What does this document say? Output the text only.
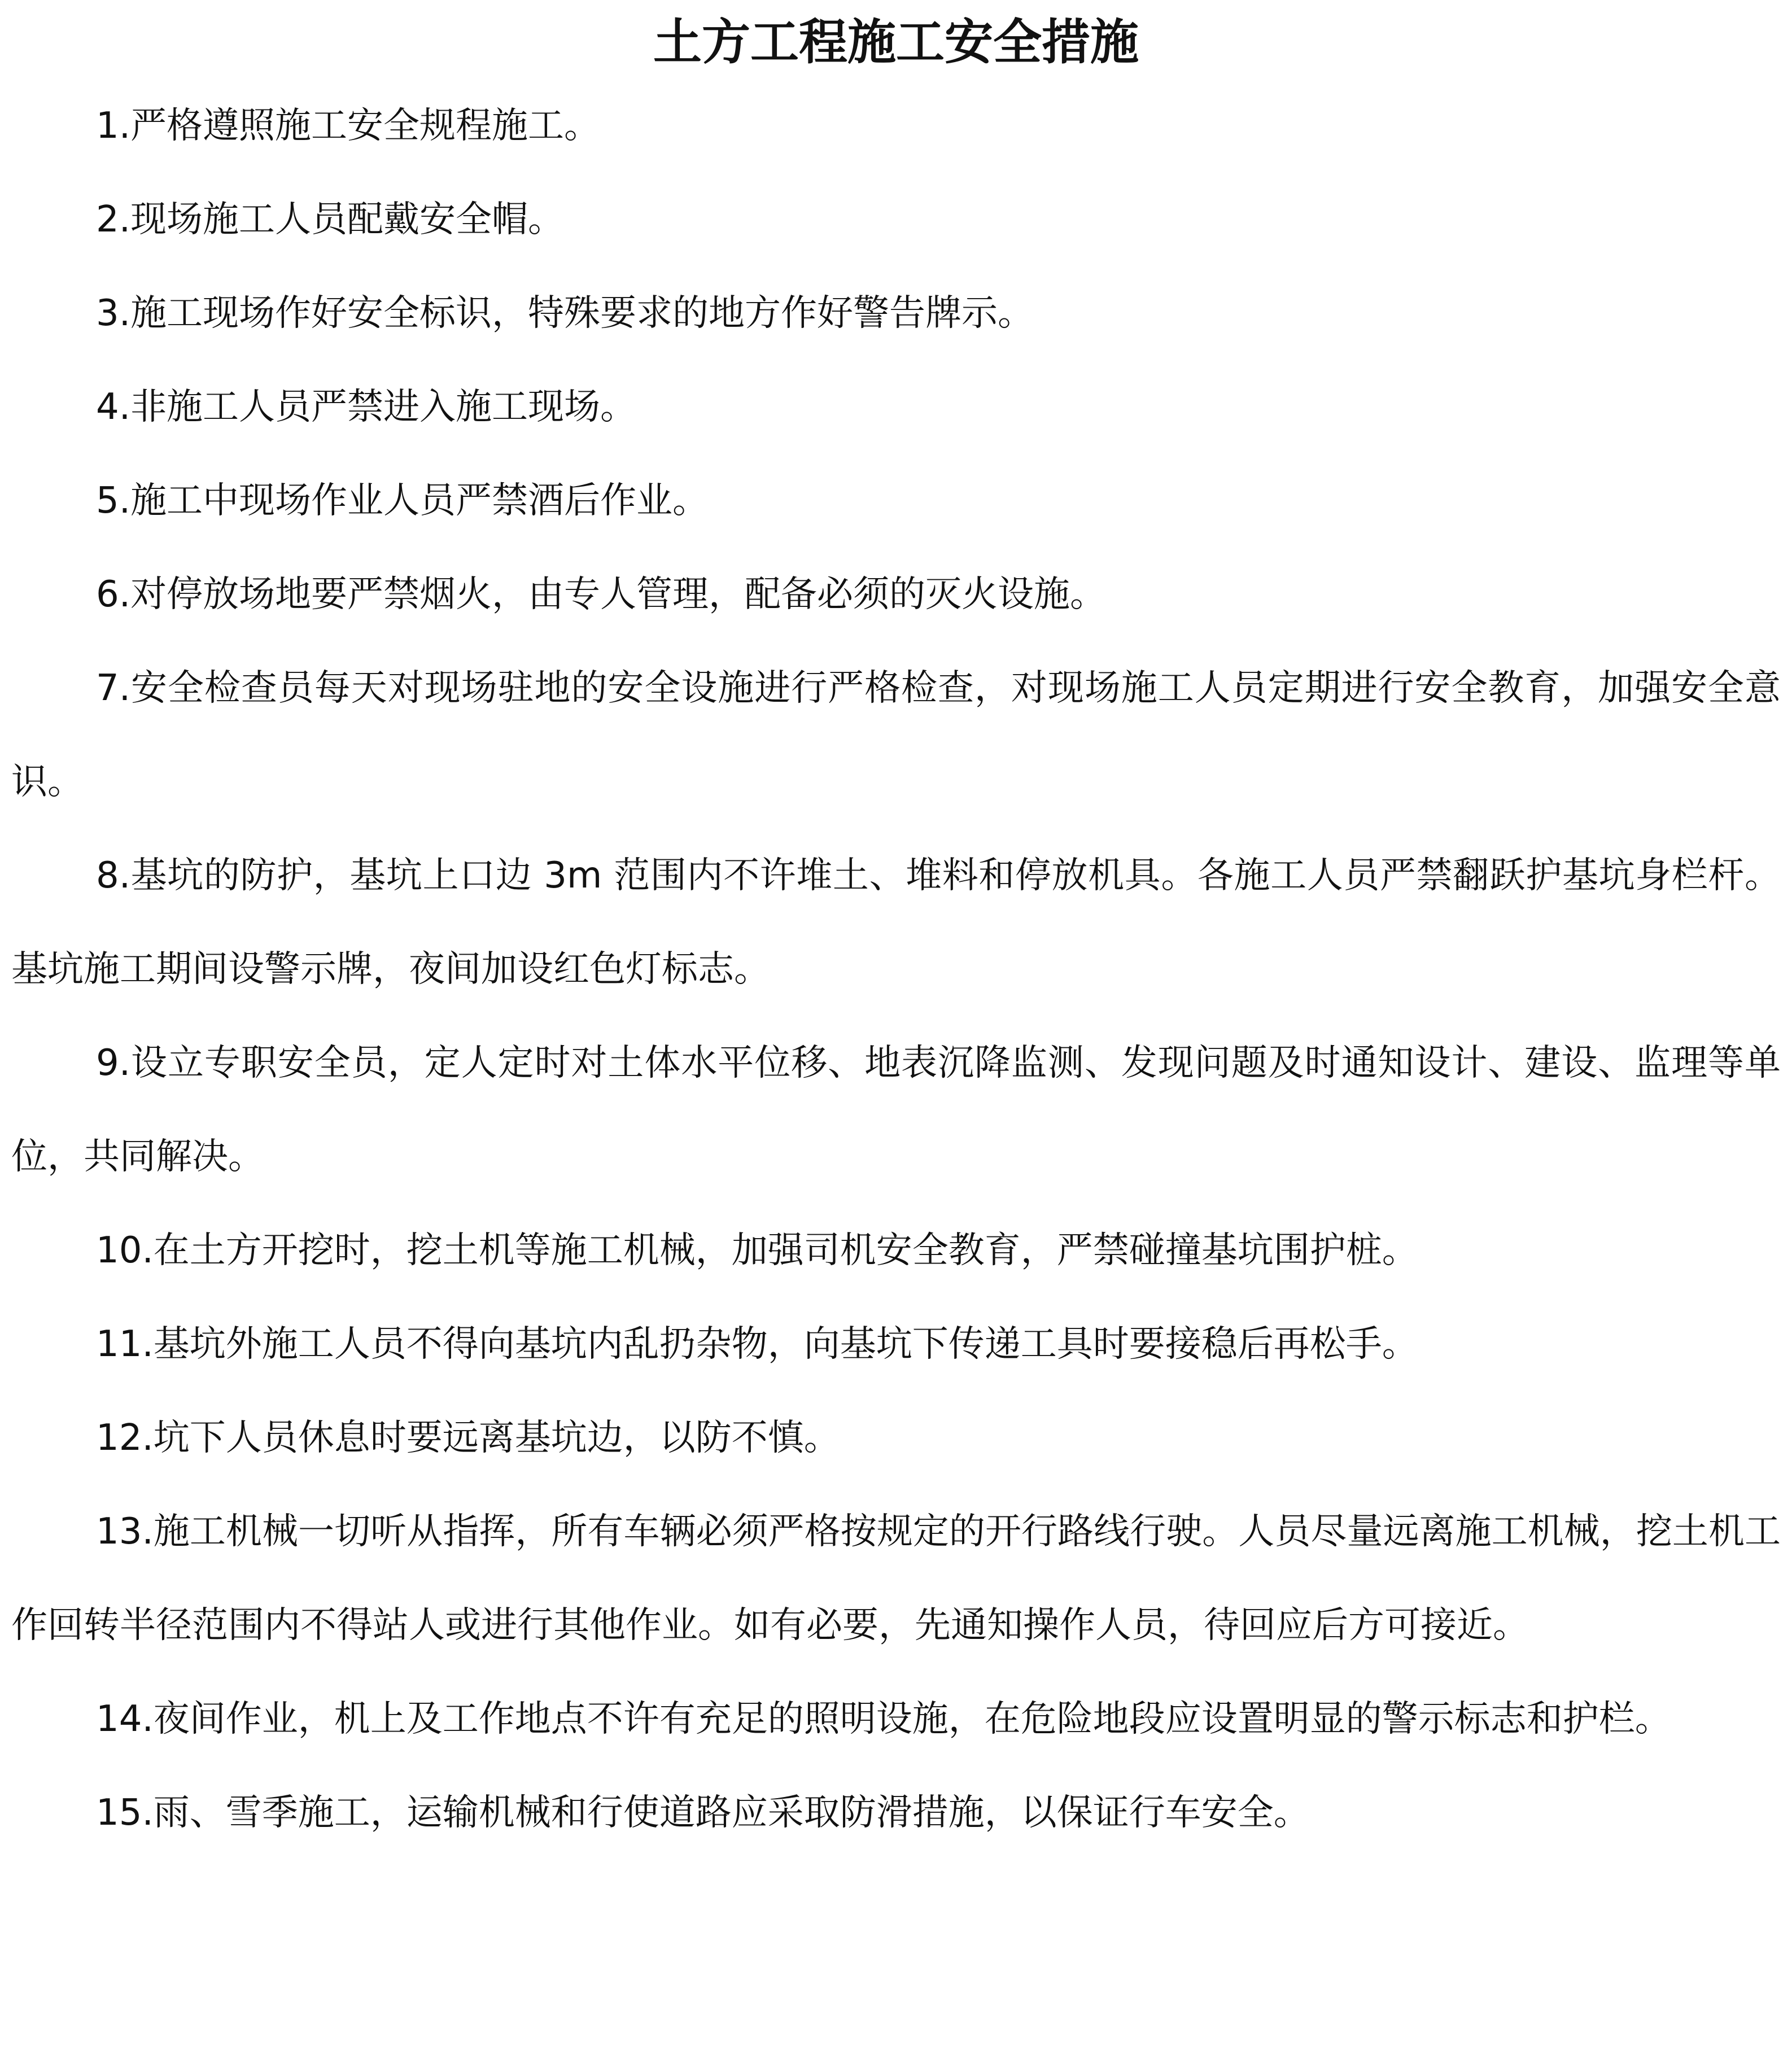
土方工程施工安全措施

1.严格遵照施工安全规程施工。

2.现场施工人员配戴安全帽。

3.施工现场作好安全标识，特殊要求的地方作好警告牌示。

4.非施工人员严禁进入施工现场。

5.施工中现场作业人员严禁酒后作业。

6.对停放场地要严禁烟火，由专人管理，配备必须的灭火设施。

7.安全检查员每天对现场驻地的安全设施进行严格检查，对现场施工人员定期进行安全教育，加强安全意识。

8.基坑的防护，基坑上口边 3m 范围内不许堆土、堆料和停放机具。各施工人员严禁翻跃护基坑身栏杆。基坑施工期间设警示牌，夜间加设红色灯标志。

9.设立专职安全员，定人定时对土体水平位移、地表沉降监测、发现问题及时通知设计、建设、监理等单位，共同解决。

10.在土方开挖时，挖土机等施工机械，加强司机安全教育，严禁碰撞基坑围护桩。

11.基坑外施工人员不得向基坑内乱扔杂物，向基坑下传递工具时要接稳后再松手。

12.坑下人员休息时要远离基坑边，以防不慎。

13.施工机械一切听从指挥，所有车辆必须严格按规定的开行路线行驶。人员尽量远离施工机械，挖土机工作回转半径范围内不得站人或进行其他作业。如有必要，先通知操作人员，待回应后方可接近。

14.夜间作业，机上及工作地点不许有充足的照明设施，在危险地段应设置明显的警示标志和护栏。

15.雨、雪季施工，运输机械和行使道路应采取防滑措施，以保证行车安全。
